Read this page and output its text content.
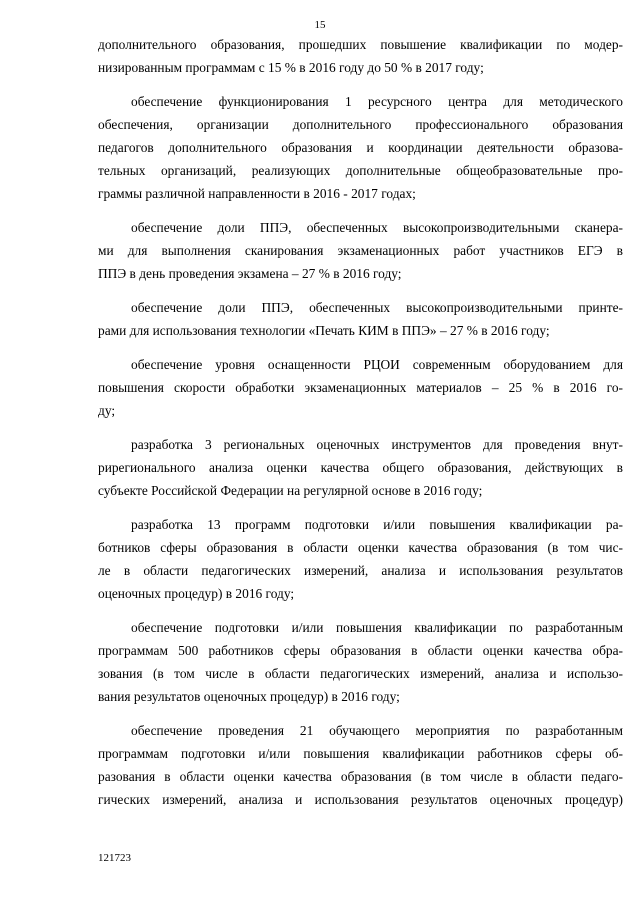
15

дополнительного образования, прошедших повышение квалификации по модер-
низированным программам с 15 % в 2016 году до 50 % в 2017 году;

обеспечение функционирования 1 ресурсного центра для методического
обеспечения, организации дополнительного профессионального образования
педагогов дополнительного образования и координации деятельности образова-
тельных организаций, реализующих дополнительные общеобразовательные про-
граммы различной направленности в 2016 - 2017 годах;

обеспечение доли ППЭ, обеспеченных высокопроизводительными сканера-
ми для выполнения сканирования экзаменационных работ участников ЕГЭ в
ППЭ в день проведения экзамена – 27 % в 2016 году;

обеспечение доли ППЭ, обеспеченных высокопроизводительными принте-
рами для использования технологии «Печать КИМ в ППЭ» – 27 % в 2016 году;

обеспечение уровня оснащенности РЦОИ современным оборудованием для
повышения скорости обработки экзаменационных материалов – 25 % в 2016 го-
ду;

разработка 3 региональных оценочных инструментов для проведения внут-
рирегионального анализа оценки качества общего образования, действующих в
субъекте Российской Федерации на регулярной основе в 2016 году;

разработка 13 программ подготовки и/или повышения квалификации ра-
ботников сферы образования в области оценки качества образования (в том чис-
ле в области педагогических измерений, анализа и использования результатов
оценочных процедур) в 2016 году;

обеспечение подготовки и/или повышения квалификации по разработанным
программам 500 работников сферы образования в области оценки качества обра-
зования (в том числе в области педагогических измерений, анализа и использо-
вания результатов оценочных процедур) в 2016 году;

обеспечение проведения 21 обучающего мероприятия по разработанным
программам подготовки и/или повышения квалификации работников сферы об-
разования в области оценки качества образования (в том числе в области педаго-
гических измерений, анализа и использования результатов оценочных процедур)

121723
